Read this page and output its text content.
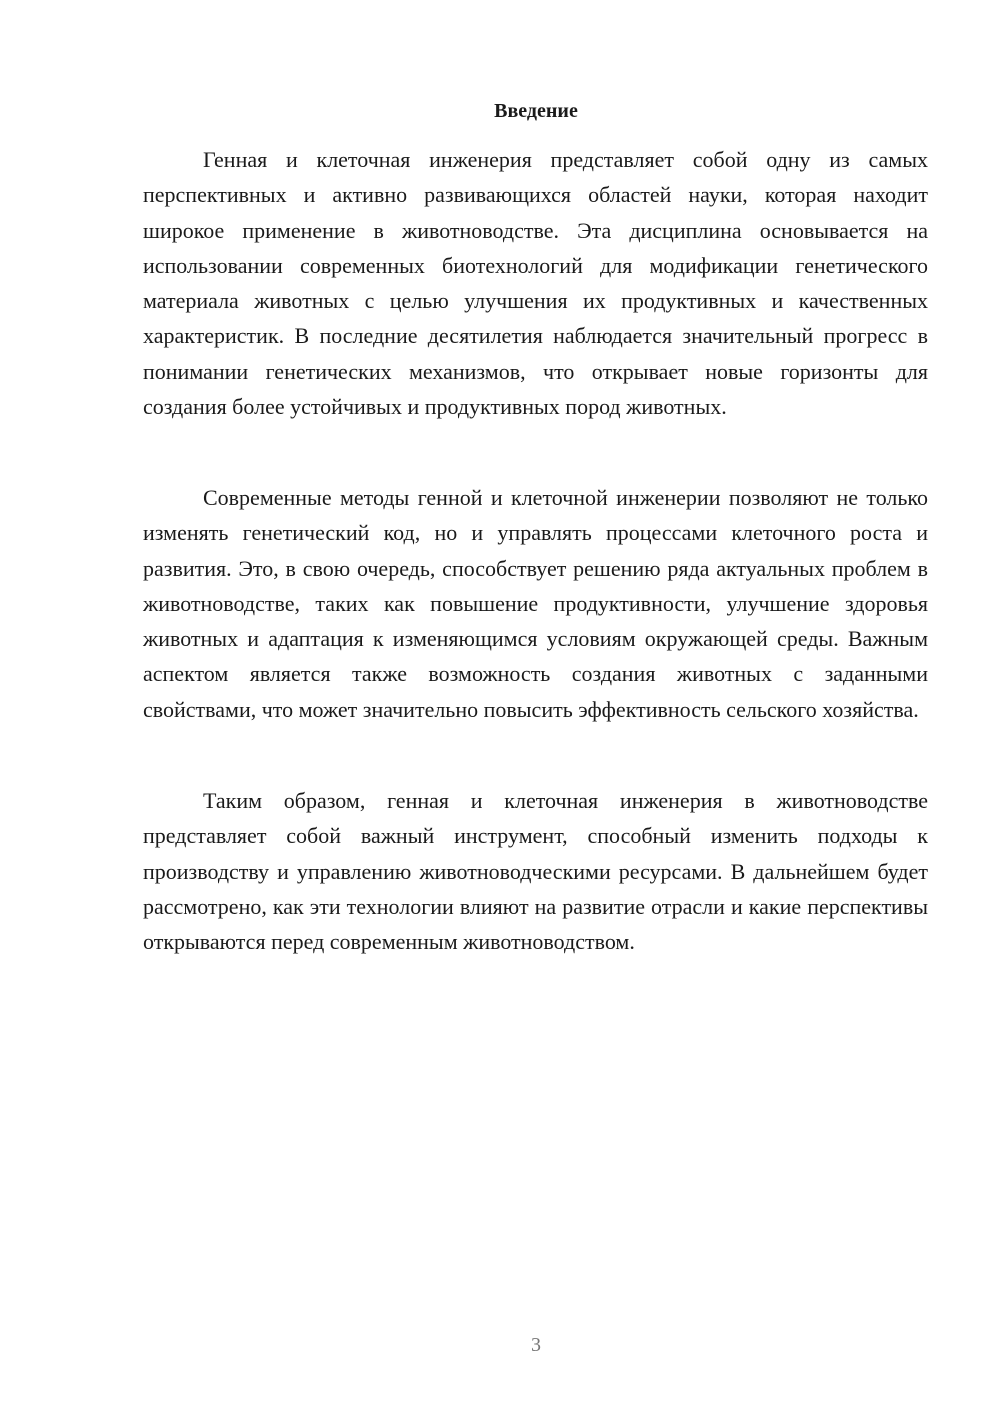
Введение

Генная и клеточная инженерия представляет собой одну из самых перспективных и активно развивающихся областей науки, которая находит широкое применение в животноводстве. Эта дисциплина основывается на использовании современных биотехнологий для модификации генетического материала животных с целью улучшения их продуктивных и качественных характеристик. В последние десятилетия наблюдается значительный прогресс в понимании генетических механизмов, что открывает новые горизонты для создания более устойчивых и продуктивных пород животных.

Современные методы генной и клеточной инженерии позволяют не только изменять генетический код, но и управлять процессами клеточного роста и развития. Это, в свою очередь, способствует решению ряда актуальных проблем в животноводстве, таких как повышение продуктивности, улучшение здоровья животных и адаптация к изменяющимся условиям окружающей среды. Важным аспектом является также возможность создания животных с заданными свойствами, что может значительно повысить эффективность сельского хозяйства.

Таким образом, генная и клеточная инженерия в животноводстве представляет собой важный инструмент, способный изменить подходы к производству и управлению животноводческими ресурсами. В дальнейшем будет рассмотрено, как эти технологии влияют на развитие отрасли и какие перспективы открываются перед современным животноводством.

3
